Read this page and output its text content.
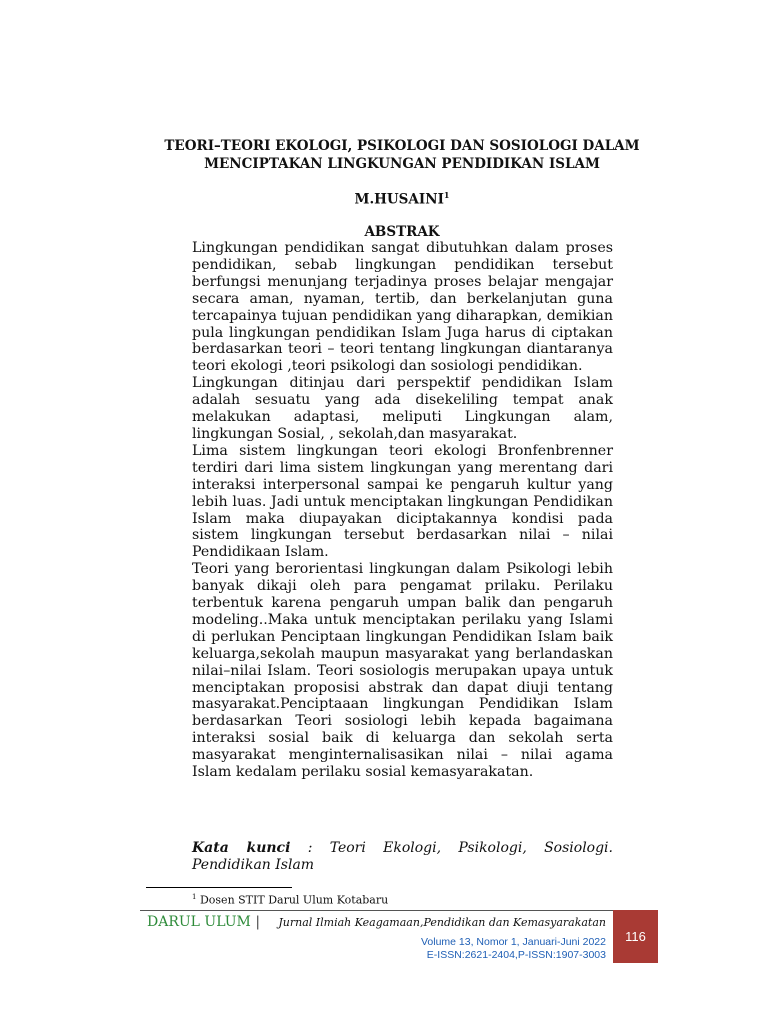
TEORI–TEORI EKOLOGI, PSIKOLOGI DAN SOSIOLOGI DALAM
MENCIPTAKAN LINGKUNGAN PENDIDIKAN ISLAM
M.HUSAINI$^1$
ABSTRAK

Lingkungan pendidikan sangat dibutuhkan dalam proses pendidikan, sebab lingkungan pendidikan tersebut berfungsi menunjang terjadinya proses belajar mengajar secara aman, nyaman, tertib, dan berkelanjutan guna tercapainya tujuan pendidikan yang diharapkan, demikian pula lingkungan pendidikan Islam Juga harus di ciptakan berdasarkan teori – teori tentang lingkungan diantaranya teori ekologi ,teori psikologi dan sosiologi pendidikan.

Lingkungan ditinjau dari perspektif pendidikan Islam adalah sesuatu yang ada disekeliling tempat anak melakukan adaptasi, meliputi Lingkungan alam, lingkungan Sosial, , sekolah,dan masyarakat.

Lima sistem lingkungan teori ekologi Bronfenbrenner terdiri dari lima sistem lingkungan yang merentang dari interaksi interpersonal sampai ke pengaruh kultur yang lebih luas. Jadi untuk menciptakan lingkungan Pendidikan Islam maka diupayakan diciptakannya kondisi pada sistem lingkungan tersebut berdasarkan nilai – nilai Pendidikaan Islam.

Teori yang berorientasi lingkungan dalam Psikologi lebih banyak dikaji oleh para pengamat prilaku. Perilaku terbentuk karena pengaruh umpan balik dan pengaruh modeling..Maka untuk menciptakan perilaku yang Islami di perlukan Penciptaan lingkungan Pendidikan Islam baik keluarga,sekolah maupun masyarakat yang berlandaskan nilai–nilai Islam. Teori sosiologis merupakan upaya untuk menciptakan proposisi abstrak dan dapat diuji tentang masyarakat.Penciptaaan lingkungan Pendidikan Islam berdasarkan Teori sosiologi lebih kepada bagaimana interaksi sosial baik di keluarga dan sekolah serta masyarakat menginternalisasikan nilai – nilai agama Islam kedalam perilaku sosial kemasyarakatan.

Kata kunci : Teori Ekologi, Psikologi, Sosiologi. Pendidikan Islam
$^1$ Dosen STIT Darul Ulum Kotabaru
DARUL ULUM | Jurnal Ilmiah Keagamaan,Pendidikan dan Kemasyarakatan
Volume 13, Nomor 1, Januari-Juni 2022
E-ISSN:2621-2404,P-ISSN:1907-3003
116
